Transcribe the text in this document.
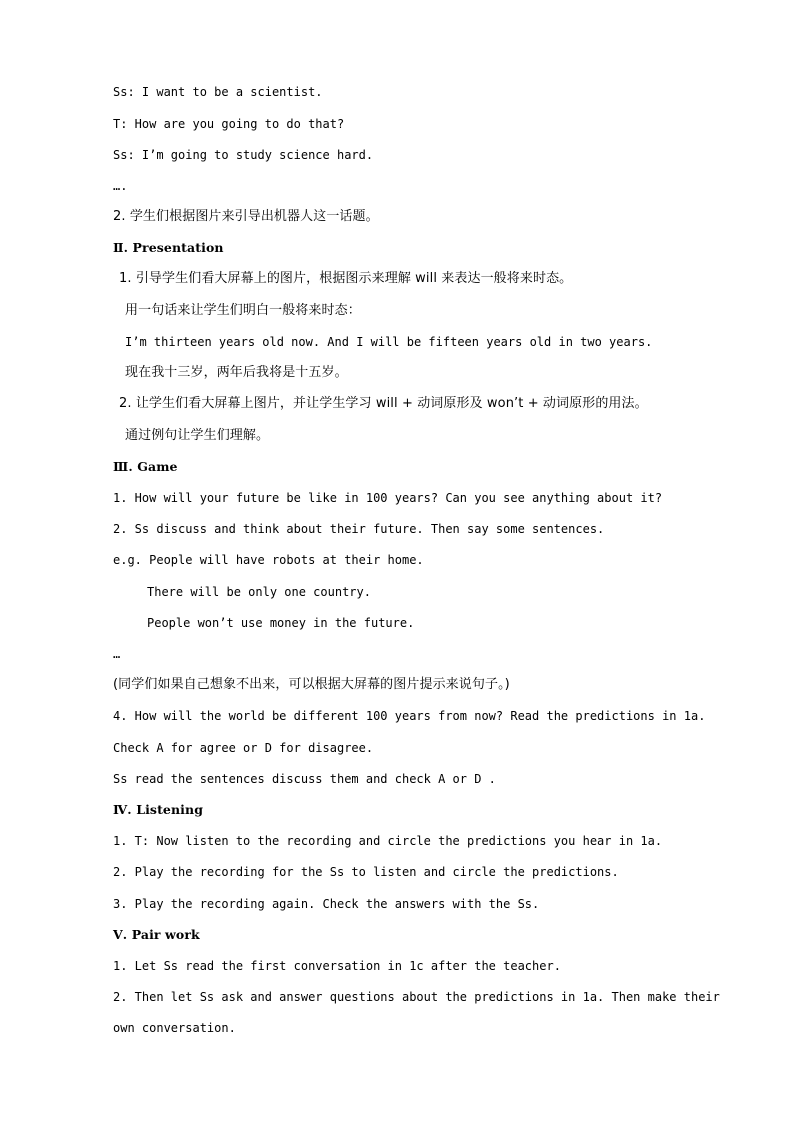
Ss: I want to be a scientist.
T: How are you going to do that?
Ss: I’m going to study science hard.
….
2. 学生们根据图片来引导出机器人这一话题。
Ⅱ. Presentation
1. 引导学生们看大屏幕上的图片，根据图示来理解 will 来表达一般将来时态。
用一句话来让学生们明白一般将来时态：
I’m thirteen years old now. And I will be fifteen years old in two years.
现在我十三岁，两年后我将是十五岁。
2. 让学生们看大屏幕上图片，并让学生学习 will + 动词原形及 won’t + 动词原形的用法。
通过例句让学生们理解。
Ⅲ. Game
1. How will your future be like in 100 years? Can you see anything about it?
2. Ss discuss and think about their future. Then say some sentences.
e.g. People will have robots at their home.
There will be only one country.
People won’t use money in the future.
…
(同学们如果自己想象不出来，可以根据大屏幕的图片提示来说句子。)
4. How will the world be different 100 years from now? Read the predictions in 1a.
Check A for agree or D for disagree.
Ss read the sentences discuss them and check A or D .
Ⅳ. Listening
1. T: Now listen to the recording and circle the predictions you hear in 1a.
2. Play the recording for the Ss to listen and circle the predictions.
3. Play the recording again. Check the answers with the Ss.
Ⅴ. Pair work
1. Let Ss read the first conversation in 1c after the teacher.
2. Then let Ss ask and answer questions about the predictions in 1a. Then make their
own conversation.
